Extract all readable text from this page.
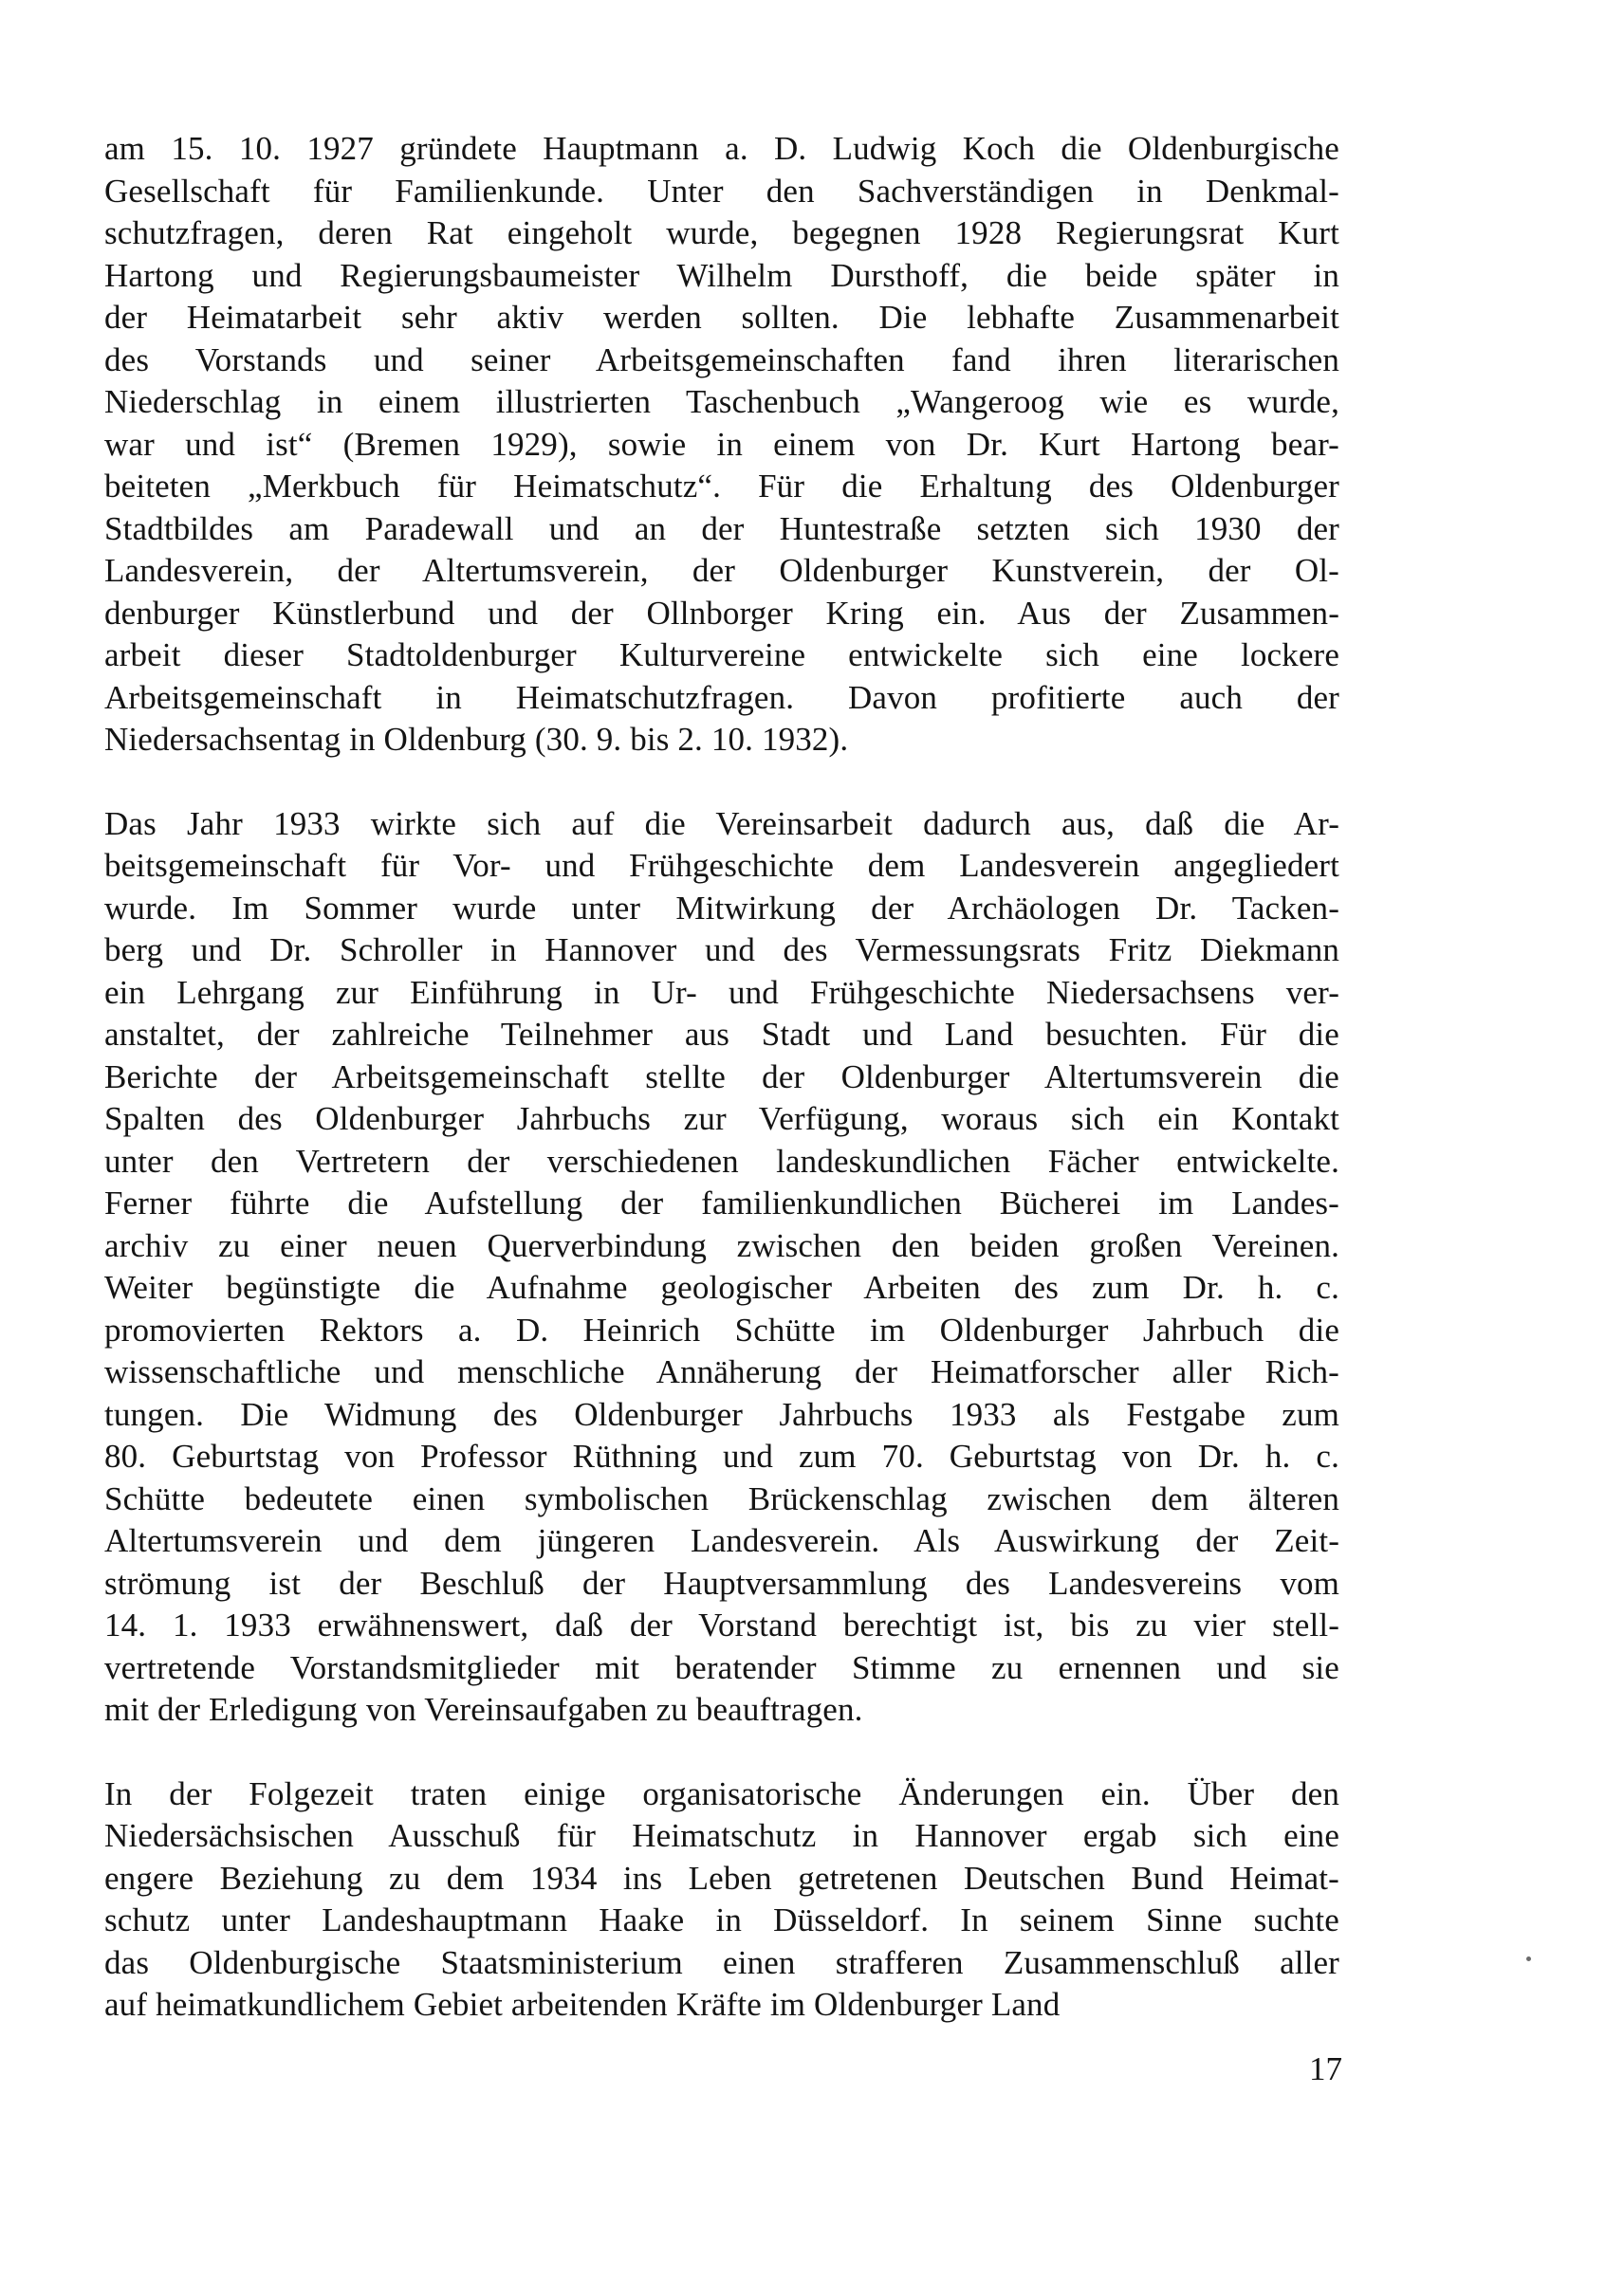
am 15. 10. 1927 gründete Hauptmann a. D. Ludwig Koch die Oldenburgische
Gesellschaft für Familienkunde. Unter den Sachverständigen in Denkmal-
schutzfragen, deren Rat eingeholt wurde, begegnen 1928 Regierungsrat Kurt
Hartong und Regierungsbaumeister Wilhelm Dursthoff, die beide später in
der Heimatarbeit sehr aktiv werden sollten. Die lebhafte Zusammenarbeit
des Vorstands und seiner Arbeitsgemeinschaften fand ihren literarischen
Niederschlag in einem illustrierten Taschenbuch „Wangeroog wie es wurde,
war und ist“ (Bremen 1929), sowie in einem von Dr. Kurt Hartong bear-
beiteten „Merkbuch für Heimatschutz“. Für die Erhaltung des Oldenburger
Stadtbildes am Paradewall und an der Huntestraße setzten sich 1930 der
Landesverein, der Altertumsverein, der Oldenburger Kunstverein, der Ol-
denburger Künstlerbund und der Ollnborger Kring ein. Aus der Zusammen-
arbeit dieser Stadtoldenburger Kulturvereine entwickelte sich eine lockere
Arbeitsgemeinschaft in Heimatschutzfragen. Davon profitierte auch der
Niedersachsentag in Oldenburg (30. 9. bis 2. 10. 1932).
Das Jahr 1933 wirkte sich auf die Vereinsarbeit dadurch aus, daß die Ar-
beitsgemeinschaft für Vor- und Frühgeschichte dem Landesverein angegliedert
wurde. Im Sommer wurde unter Mitwirkung der Archäologen Dr. Tacken-
berg und Dr. Schroller in Hannover und des Vermessungsrats Fritz Diekmann
ein Lehrgang zur Einführung in Ur- und Frühgeschichte Niedersachsens ver-
anstaltet, der zahlreiche Teilnehmer aus Stadt und Land besuchten. Für die
Berichte der Arbeitsgemeinschaft stellte der Oldenburger Altertumsverein die
Spalten des Oldenburger Jahrbuchs zur Verfügung, woraus sich ein Kontakt
unter den Vertretern der verschiedenen landeskundlichen Fächer entwickelte.
Ferner führte die Aufstellung der familienkundlichen Bücherei im Landes-
archiv zu einer neuen Querverbindung zwischen den beiden großen Vereinen.
Weiter begünstigte die Aufnahme geologischer Arbeiten des zum Dr. h. c.
promovierten Rektors a. D. Heinrich Schütte im Oldenburger Jahrbuch die
wissenschaftliche und menschliche Annäherung der Heimatforscher aller Rich-
tungen. Die Widmung des Oldenburger Jahrbuchs 1933 als Festgabe zum
80. Geburtstag von Professor Rüthning und zum 70. Geburtstag von Dr. h. c.
Schütte bedeutete einen symbolischen Brückenschlag zwischen dem älteren
Altertumsverein und dem jüngeren Landesverein. Als Auswirkung der Zeit-
strömung ist der Beschluß der Hauptversammlung des Landesvereins vom
14. 1. 1933 erwähnenswert, daß der Vorstand berechtigt ist, bis zu vier stell-
vertretende Vorstandsmitglieder mit beratender Stimme zu ernennen und sie
mit der Erledigung von Vereinsaufgaben zu beauftragen.
In der Folgezeit traten einige organisatorische Änderungen ein. Über den
Niedersächsischen Ausschuß für Heimatschutz in Hannover ergab sich eine
engere Beziehung zu dem 1934 ins Leben getretenen Deutschen Bund Heimat-
schutz unter Landeshauptmann Haake in Düsseldorf. In seinem Sinne suchte
das Oldenburgische Staatsministerium einen strafferen Zusammenschluß aller
auf heimatkundlichem Gebiet arbeitenden Kräfte im Oldenburger Land
17
